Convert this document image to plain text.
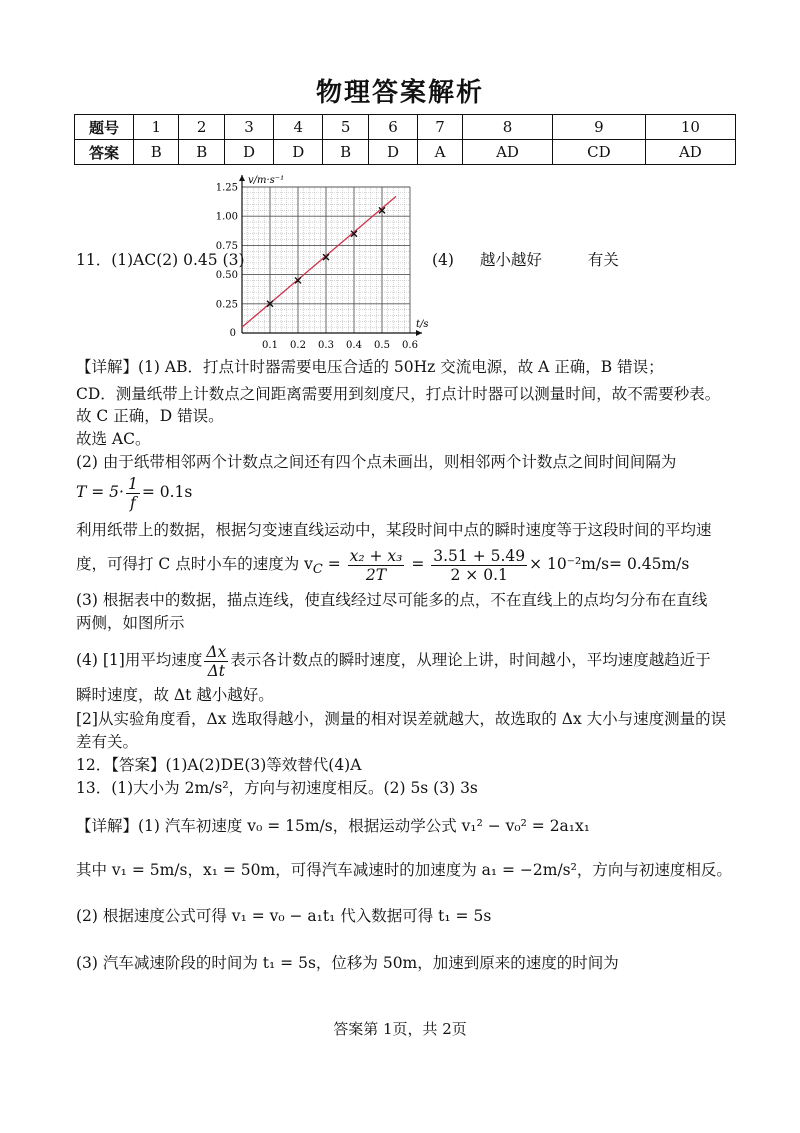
物理答案解析
题号	1	2	3	4	5	6	7	8	9	10
答案	B	B	D	D	B	D	A	AD	CD	AD
11．(1)AC(2) 0.45 (3)	(4) 越小越好	有关
0.1 0.2 0.3 0.4 0.5 0.6
0.25
0.50
0.75
1.00
1.25
0
v/m·s⁻¹
t/s
【详解】(1) AB．打点计时器需要电压合适的 50Hz 交流电源，故 A 正确，B 错误；
CD．测量纸带上计数点之间距离需要用到刻度尺，打点计时器可以测量时间，故不需要秒表。
故 C 正确，D 错误。
故选 AC。
(2) 由于纸带相邻两个计数点之间还有四个点未画出，则相邻两个计数点之间时间间隔为
$T = 5\cdot \frac{1}{f} = 0.1s$
利用纸带上的数据，根据匀变速直线运动中，某段时间中点的瞬时速度等于这段时间的平均速
度，可得打 C 点时小车的速度为 $v_C = \frac{\text{x₂ + x₃}}{2T} = \frac{3.51 + 5.49}{2 \times 0.1} \times 10^{-2}m/s= 0.45m/s$
(3) 根据表中的数据，描点连线，使直线经过尽可能多的点，不在直线上的点均匀分布在直线
两侧，如图所示
(4) [1]用平均速度 $\frac{\Delta x}{\Delta t}$ 表示各计数点的瞬时速度，从理论上讲，时间越小，平均速度越趋近于
瞬时速度，故 Δt 越小越好。
[2]从实验角度看，Δx 选取得越小，测量的相对误差就越大，故选取的 Δx 大小与速度测量的误
差有关。
12．【答案】(1)A(2)DE(3)等效替代(4)A
13．(1)大小为 2m/s²，方向与初速度相反。(2) 5s (3) 3s
【详解】(1) 汽车初速度 v₀ = 15m/s，根据运动学公式 v₁² − v₀² = 2a₁x₁
其中 v₁ = 5m/s，x₁ = 50m，可得汽车减速时的加速度为 a₁ = −2m/s²，方向与初速度相反。
(2) 根据速度公式可得 v₁ = v₀ − a₁t₁ 代入数据可得 t₁ = 5s
(3) 汽车减速阶段的时间为 t₁ = 5s，位移为 50m，加速到原来的速度的时间为
答案第 1页，共 2页
